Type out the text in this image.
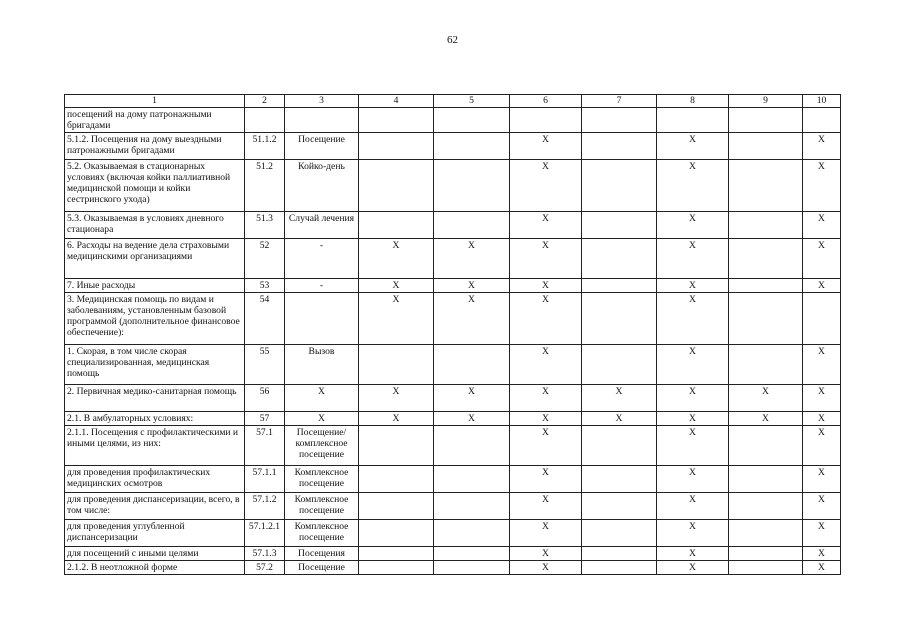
62
1	2	3	4	5	6	7	8	9	10
посещений на дому патронажными бригадами									
5.1.2. Посещения на дому выездными патронажными бригадами	51.1.2	Посещение			X		X		X
5.2. Оказываемая в стационарных условиях (включая койки паллиативной медицинской помощи и койки сестринского ухода)	51.2	Койко-день			X		X		X
5.3. Оказываемая в условиях дневного стационара	51.3	Случай лечения			X		X		X
6. Расходы на ведение дела страховыми медицинскими организациями	52	-	X	X	X		X		X
7. Иные расходы	53	-	X	X	X		X		X
3. Медицинская помощь по видам и заболеваниям, установленным базовой программой (дополнительное финансовое обеспечение):	54		X	X	X		X		
1. Скорая, в том числе скорая специализированная, медицинская помощь	55	Вызов			X		X		X
2. Первичная медико-санитарная помощь	56	X	X	X	X	X	X	X	X
2.1. В амбулаторных условиях:	57	X	X	X	X	X	X	X	X
2.1.1. Посещения с профилактическими и иными целями, из них:	57.1	Посещение/ комплексное посещение			X		X		X
для проведения профилактических медицинских осмотров	57.1.1	Комплексное посещение			X		X		X
для проведения диспансеризации, всего, в том числе:	57.1.2	Комплексное посещение			X		X		X
для проведения углубленной диспансеризации	57.1.2.1	Комплексное посещение			X		X		X
для посещений с иными целями	57.1.3	Посещения			X		X		X
2.1.2. В неотложной форме	57.2	Посещение			X		X		X
